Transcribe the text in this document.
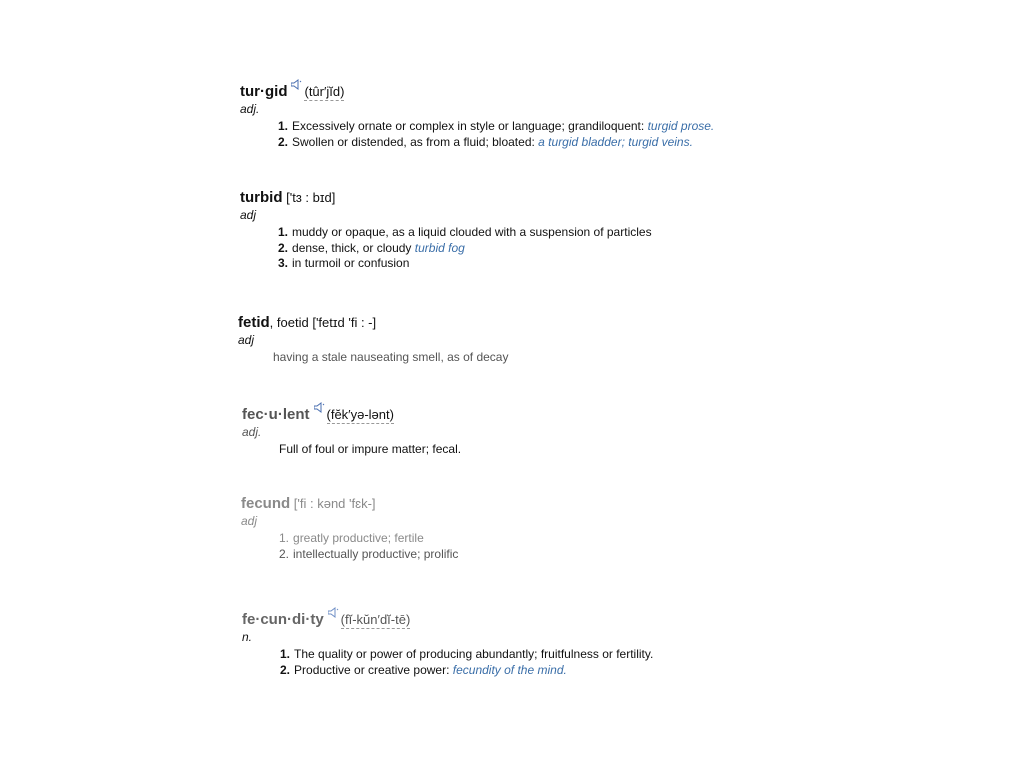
tur·gid (tûr′jĭd)
adj.
1. Excessively ornate or complex in style or language; grandiloquent: turgid prose.
2. Swollen or distended, as from a fluid; bloated: a turgid bladder; turgid veins.
turbid ['tɜ : bɪd]
adj
1. muddy or opaque, as a liquid clouded with a suspension of particles
2. dense, thick, or cloudy turbid fog
3. in turmoil or confusion
fetid, foetid ['fetɪd 'fi : -]
adj
having a stale nauseating smell, as of decay
fec·u·lent (fĕk′yə-lənt)
adj.
Full of foul or impure matter; fecal.
fecund ['fi : kənd 'fɛk-]
adj
1. greatly productive; fertile
2. intellectually productive; prolific
fe·cun·di·ty (fĭ-kŭn′dĭ-tē)
n.
1. The quality or power of producing abundantly; fruitfulness or fertility.
2. Productive or creative power: fecundity of the mind.
